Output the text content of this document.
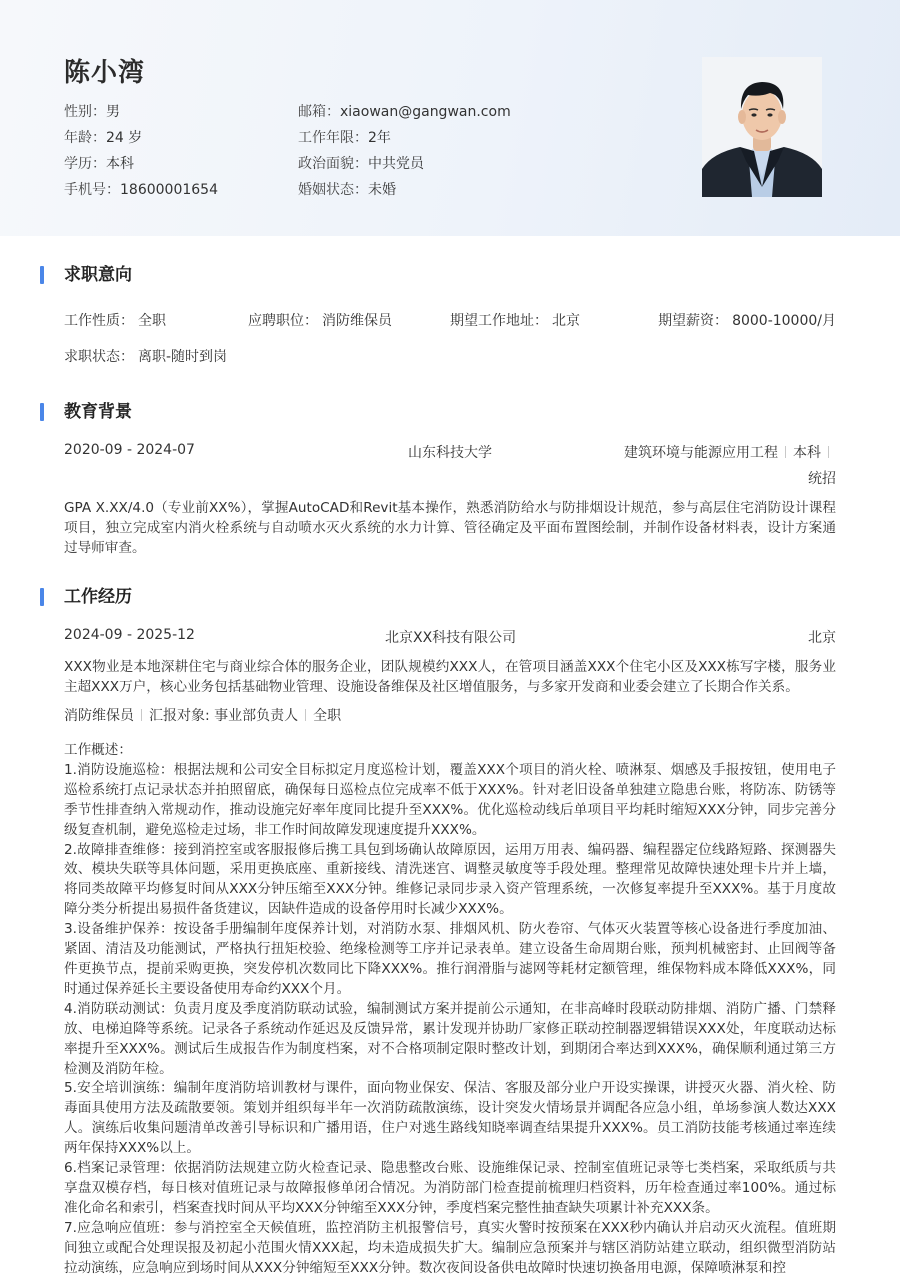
陈小湾
性别：男
年龄：24 岁
学历：本科
手机号：18600001654
邮箱：xiaowan@gangwan.com
工作年限：2年
政治面貌：中共党员
婚姻状态：未婚
求职意向
工作性质： 全职	应聘职位： 消防维保员	期望工作地址： 北京	期望薪资： 8000-10000/月
求职状态： 离职-随时到岗
教育背景
2020-09 - 2024-07	山东科技大学	建筑环境与能源应用工程 本科
统招
GPA X.XX/4.0（专业前XX%），掌握AutoCAD和Revit基本操作，熟悉消防给水与防排烟设计规范，参与高层住宅消防设计课程项目，独立完成室内消火栓系统与自动喷水灭火系统的水力计算、管径确定及平面布置图绘制，并制作设备材料表，设计方案通过导师审查。
工作经历
2024-09 - 2025-12	北京XX科技有限公司	北京
XXX物业是本地深耕住宅与商业综合体的服务企业，团队规模约XXX人，在管项目涵盖XXX个住宅小区及XXX栋写字楼，服务业主超XXX万户，核心业务包括基础物业管理、设施设备维保及社区增值服务，与多家开发商和业委会建立了长期合作关系。
消防维保员 汇报对象: 事业部负责人 全职
工作概述：
1.消防设施巡检：根据法规和公司安全目标拟定月度巡检计划，覆盖XXX个项目的消火栓、喷淋泵、烟感及手报按钮，使用电子巡检系统打点记录状态并拍照留底，确保每日巡检点位完成率不低于XXX%。针对老旧设备单独建立隐患台账，将防冻、防锈等季节性排查纳入常规动作，推动设施完好率年度同比提升至XXX%。优化巡检动线后单项目平均耗时缩短XXX分钟，同步完善分级复查机制，避免巡检走过场，非工作时间故障发现速度提升XXX%。
2.故障排查维修：接到消控室或客服报修后携工具包到场确认故障原因，运用万用表、编码器、编程器定位线路短路、探测器失效、模块失联等具体问题，采用更换底座、重新接线、清洗迷宫、调整灵敏度等手段处理。整理常见故障快速处理卡片并上墙，将同类故障平均修复时间从XXX分钟压缩至XXX分钟。维修记录同步录入资产管理系统，一次修复率提升至XXX%。基于月度故障分类分析提出易损件备货建议，因缺件造成的设备停用时长减少XXX%。
3.设备维护保养：按设备手册编制年度保养计划，对消防水泵、排烟风机、防火卷帘、气体灭火装置等核心设备进行季度加油、紧固、清洁及功能测试，严格执行扭矩校验、绝缘检测等工序并记录表单。建立设备生命周期台账，预判机械密封、止回阀等备件更换节点，提前采购更换，突发停机次数同比下降XXX%。推行润滑脂与滤网等耗材定额管理，维保物料成本降低XXX%，同时通过保养延长主要设备使用寿命约XXX个月。
4.消防联动测试：负责月度及季度消防联动试验，编制测试方案并提前公示通知，在非高峰时段联动防排烟、消防广播、门禁释放、电梯迫降等系统。记录各子系统动作延迟及反馈异常，累计发现并协助厂家修正联动控制器逻辑错误XXX处，年度联动达标率提升至XXX%。测试后生成报告作为制度档案，对不合格项制定限时整改计划，到期闭合率达到XXX%，确保顺利通过第三方检测及消防年检。
5.安全培训演练：编制年度消防培训教材与课件，面向物业保安、保洁、客服及部分业户开设实操课，讲授灭火器、消火栓、防毒面具使用方法及疏散要领。策划并组织每半年一次消防疏散演练，设计突发火情场景并调配各应急小组，单场参演人数达XXX人。演练后收集问题清单改善引导标识和广播用语，住户对逃生路线知晓率调查结果提升XXX%。员工消防技能考核通过率连续两年保持XXX%以上。
6.档案记录管理：依据消防法规建立防火检查记录、隐患整改台账、设施维保记录、控制室值班记录等七类档案，采取纸质与共享盘双模存档，每日核对值班记录与故障报修单闭合情况。为消防部门检查提前梳理归档资料，历年检查通过率100%。通过标准化命名和索引，档案查找时间从平均XXX分钟缩至XXX分钟，季度档案完整性抽查缺失项累计补充XXX条。
7.应急响应值班：参与消控室全天候值班，监控消防主机报警信号，真实火警时按预案在XXX秒内确认并启动灭火流程。值班期间独立或配合处理误报及初起小范围火情XXX起，均未造成损失扩大。编制应急预案并与辖区消防站建立联动，组织微型消防站拉动演练，应急响应到场时间从XXX分钟缩短至XXX分钟。数次夜间设备供电故障时快速切换备用电源，保障喷淋泵和控
